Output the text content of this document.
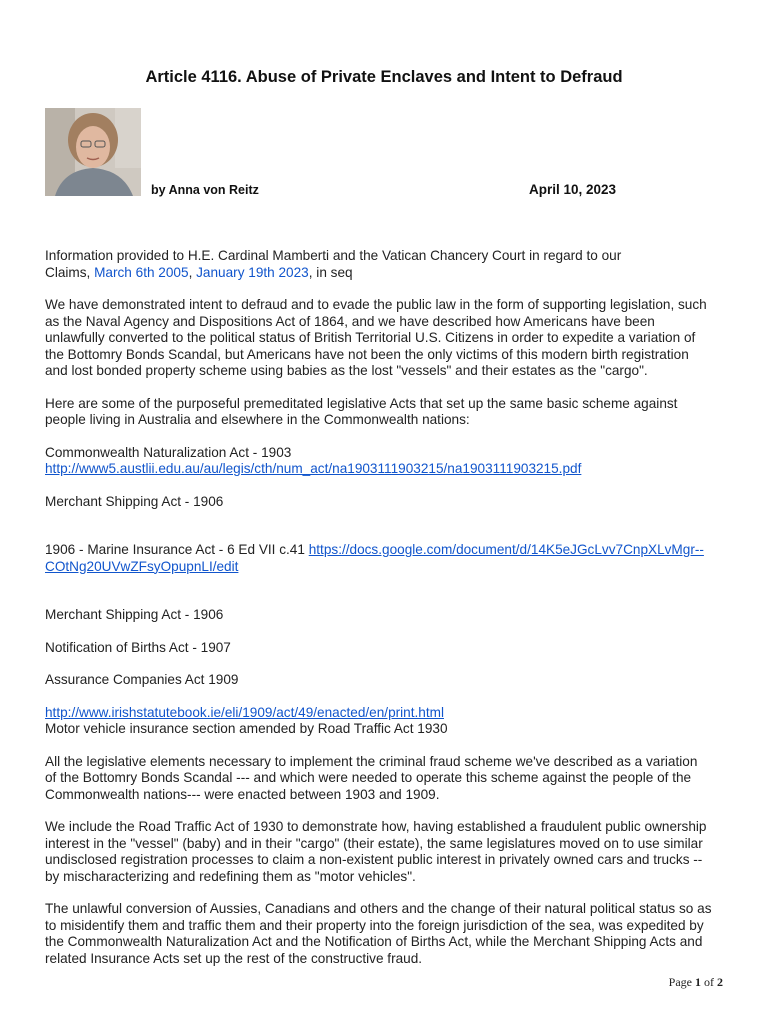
Article 4116. Abuse of Private Enclaves and Intent to Defraud
by Anna von Reitz	April 10, 2023

Information provided to H.E. Cardinal Mamberti and the Vatican Chancery Court in regard to our
Claims, March 6th 2005, January 19th 2023, in seq

We have demonstrated intent to defraud and to evade the public law in the form of supporting legislation, such
as the Naval Agency and Dispositions Act of 1864, and we have described how Americans have been
unlawfully converted to the political status of British Territorial U.S. Citizens in order to expedite a variation of
the Bottomry Bonds Scandal, but Americans have not been the only victims of this modern birth registration
and lost bonded property scheme using babies as the lost "vessels" and their estates as the "cargo".

Here are some of the purposeful premeditated legislative Acts that set up the same basic scheme against
people living in Australia and elsewhere in the Commonwealth nations:

Commonwealth Naturalization Act - 1903
http://www5.austlii.edu.au/au/legis/cth/num_act/na1903111903215/na1903111903215.pdf

Merchant Shipping Act - 1906

1906 - Marine Insurance Act - 6 Ed VII c.41 https://docs.google.com/document/d/14K5eJGcLvv7CnpXLvMgr--
COtNg20UVwZFsyOpupnLI/edit

Merchant Shipping Act - 1906

Notification of Births Act - 1907

Assurance Companies Act 1909

http://www.irishstatutebook.ie/eli/1909/act/49/enacted/en/print.html
Motor vehicle insurance section amended by Road Traffic Act 1930

All the legislative elements necessary to implement the criminal fraud scheme we've described as a variation
of the Bottomry Bonds Scandal --- and which were needed to operate this scheme against the people of the
Commonwealth nations--- were enacted between 1903 and 1909.

We include the Road Traffic Act of 1930 to demonstrate how, having established a fraudulent public ownership
interest in the "vessel" (baby) and in their "cargo" (their estate), the same legislatures moved on to use similar
undisclosed registration processes to claim a non-existent public interest in privately owned cars and trucks --
by mischaracterizing and redefining them as "motor vehicles".

The unlawful conversion of Aussies, Canadians and others and the change of their natural political status so as
to misidentify them and traffic them and their property into the foreign jurisdiction of the sea, was expedited by
the Commonwealth Naturalization Act and the Notification of Births Act, while the Merchant Shipping Acts and
related Insurance Acts set up the rest of the constructive fraud.

Page 1 of 2
